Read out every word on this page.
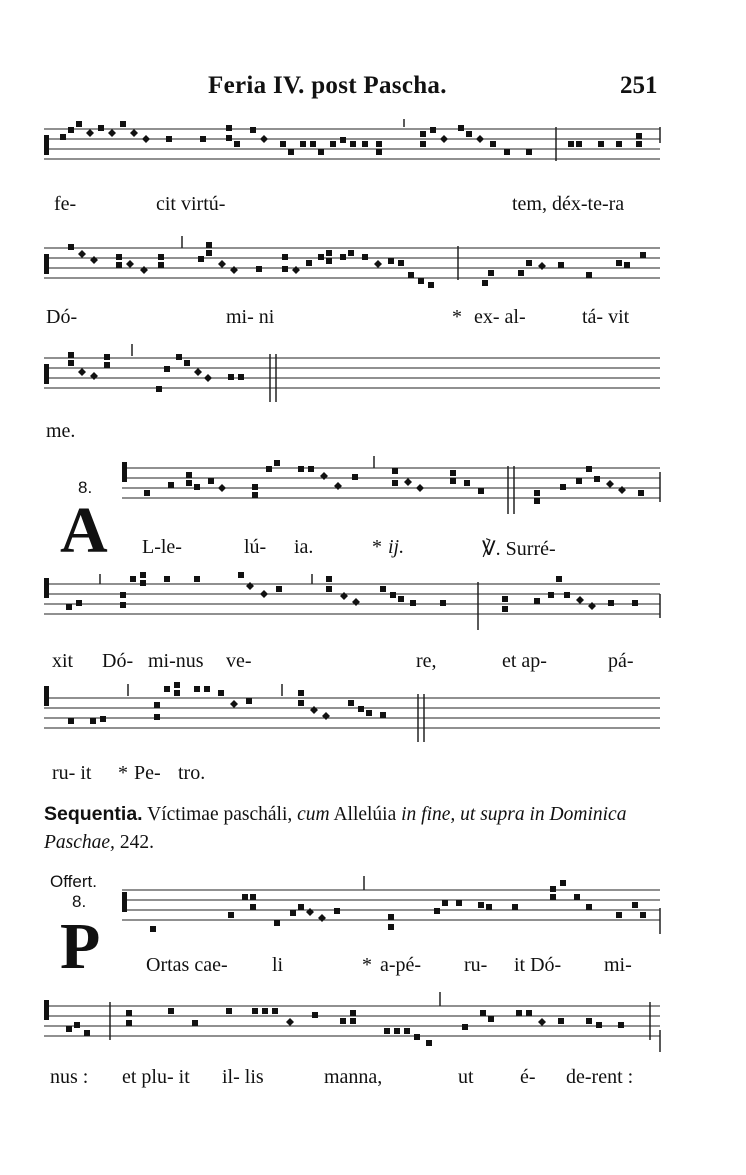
Feria IV. post Pascha.	251
fe-	cit virtú-	tem, déx-te-ra
Dó-	mi- ni	* ex- al-	tá- vit
me.
8.
A L-le-	lú- ia.	* ij.	℣. Surré-
xit Dó- mi-nus ve-	re,	et ap-	pá-
ru- it * Pe- tro.
Sequentia. Víctimae pascháli, cum Allelúia in fine, ut supra in Dominica Paschae, 242.
Offert.
8.
P Ortas cae- li	* a-pé- ru- it Dó- mi-
nus : et plu- it il- lis	manna,	ut é- de-rent :
